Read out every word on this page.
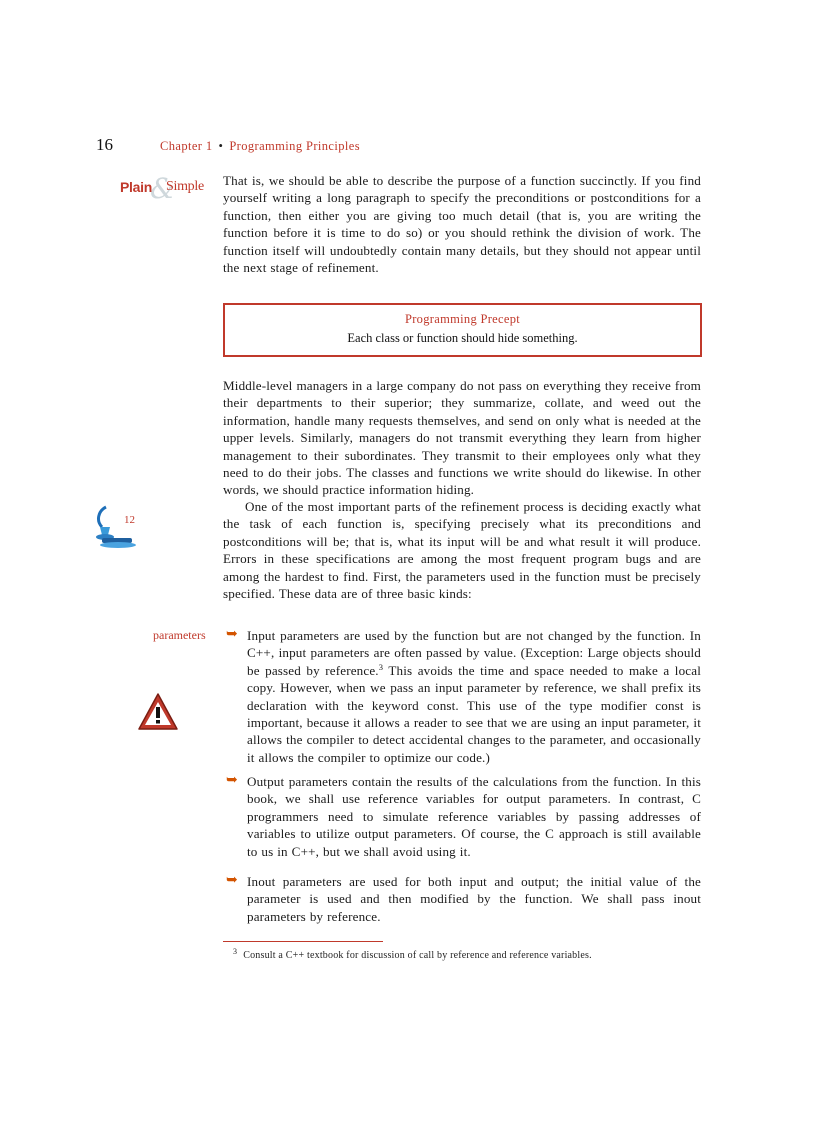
16	Chapter 1 • Programming Principles
&
Plain Simple That is, we should be able to describe the purpose of a function succinctly. If you find yourself writing a long paragraph to specify the preconditions or postconditions for a function, then either you are giving too much detail (that is, you are writing the function before it is time to do so) or you should rethink the division of work. The function itself will undoubtedly contain many details, but they should not appear until the next stage of refinement.
Programming Precept
Each class or function should hide something.
Middle-level managers in a large company do not pass on everything they receive from their departments to their superior; they summarize, collate, and weed out the information, handle many requests themselves, and send on only what is needed at the upper levels. Similarly, managers do not transmit everything they learn from higher management to their subordinates. They transmit to their employees only what they need to do their jobs. The classes and functions we write should do likewise. In other words, we should practice information hiding.
One of the most important parts of the refinement process is deciding exactly what the task of each function is, specifying precisely what its preconditions and postconditions will be; that is, what its input will be and what result it will produce. Errors in these specifications are among the most frequent program bugs and are among the hardest to find. First, the parameters used in the function must be precisely specified. These data are of three basic kinds:
12
parameters ➥ Input parameters are used by the function but are not changed by the function. In C++, input parameters are often passed by value. (Exception: Large objects should be passed by reference.$^3$ This avoids the time and space needed to make a local copy. However, when we pass an input parameter by reference, we shall prefix its declaration with the keyword const. This use of the type modifier const is important, because it allows a reader to see that we are using an input parameter, it allows the compiler to detect accidental changes to the parameter, and occasionally it allows the compiler to optimize our code.)
➥ Output parameters contain the results of the calculations from the function. In this book, we shall use reference variables for output parameters. In contrast, C programmers need to simulate reference variables by passing addresses of variables to utilize output parameters. Of course, the C approach is still available to us in C++, but we shall avoid using it.
➥ Inout parameters are used for both input and output; the initial value of the parameter is used and then modified by the function. We shall pass inout parameters by reference.
$^3$ Consult a C++ textbook for discussion of call by reference and reference variables.
